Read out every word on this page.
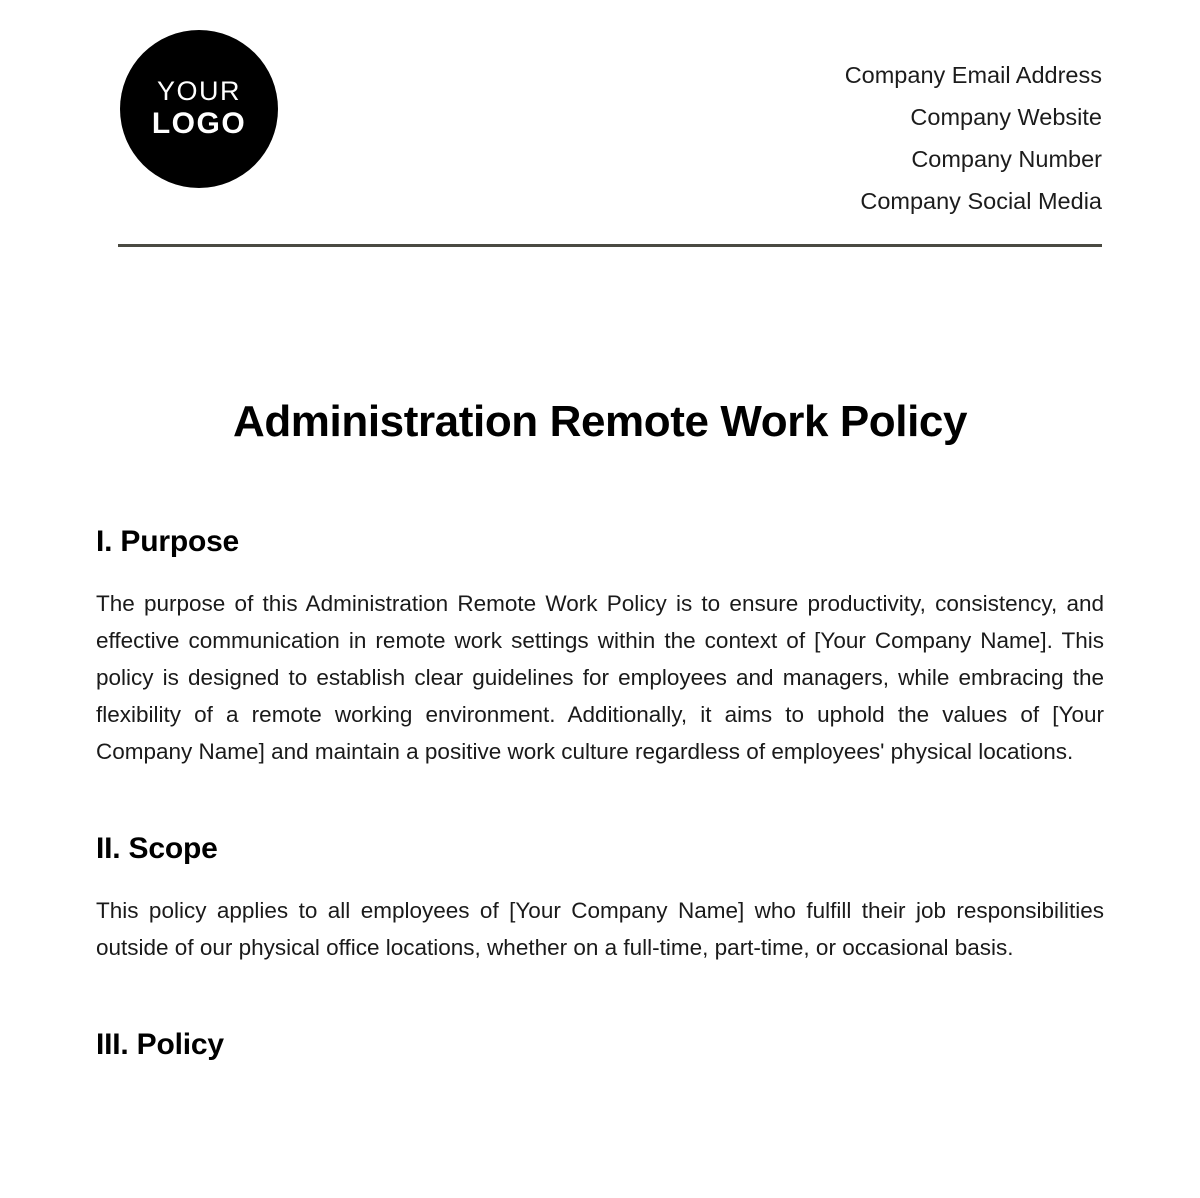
YOUR
LOGO
Company Email Address
Company Website
Company Number
Company Social Media
Administration Remote Work Policy
I. Purpose

The purpose of this Administration Remote Work Policy is to ensure productivity, consistency, and effective communication in remote work settings within the context of [Your Company Name]. This policy is designed to establish clear guidelines for employees and managers, while embracing the flexibility of a remote working environment. Additionally, it aims to uphold the values of [Your Company Name] and maintain a positive work culture regardless of employees' physical locations.

II. Scope

This policy applies to all employees of [Your Company Name] who fulfill their job responsibilities outside of our physical office locations, whether on a full-time, part-time, or occasional basis.

III. Policy
